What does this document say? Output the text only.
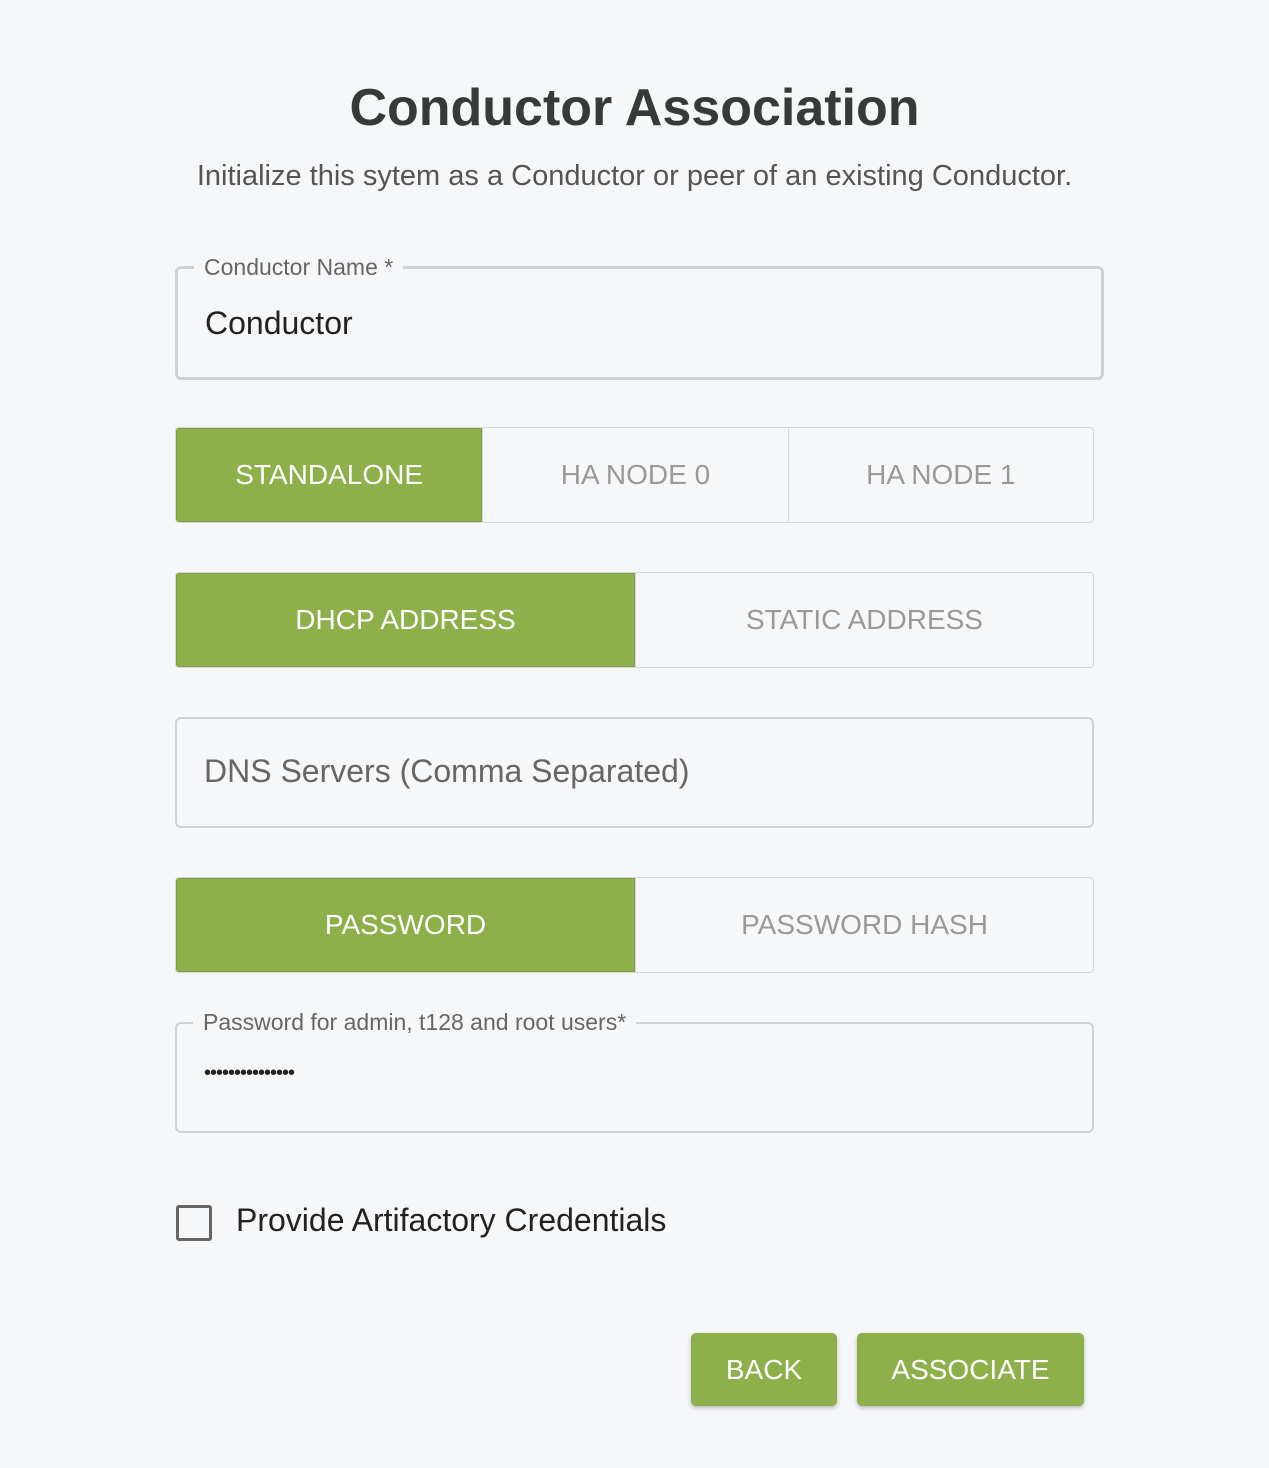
Conductor Association
Initialize this sytem as a Conductor or peer of an existing Conductor.
Conductor Name *
Conductor
STANDALONE	HA NODE 0	HA NODE 1
DHCP ADDRESS	STATIC ADDRESS
DNS Servers (Comma Separated)
PASSWORD	PASSWORD HASH
Password for admin, t128 and root users*
•••••••••••••••
Provide Artifactory Credentials
BACK	ASSOCIATE
